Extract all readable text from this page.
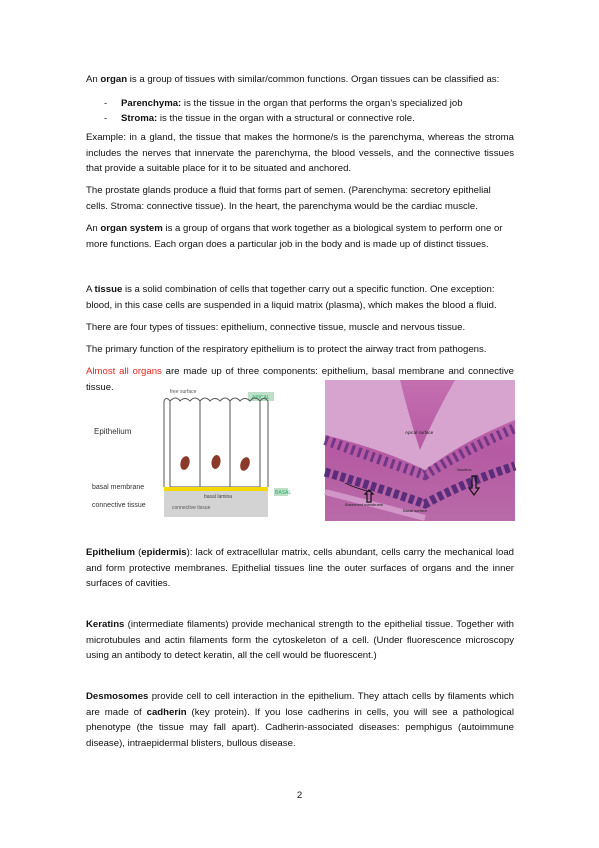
An organ is a group of tissues with similar/common functions. Organ tissues can be classified as:

- Parenchyma: is the tissue in the organ that performs the organ's specialized job
- Stroma: is the tissue in the organ with a structural or connective role.

Example: in a gland, the tissue that makes the hormone/s is the parenchyma, whereas the stroma includes the nerves that innervate the parenchyma, the blood vessels, and the connective tissues that provide a suitable place for it to be situated and anchored.

The prostate glands produce a fluid that forms part of semen. (Parenchyma: secretory epithelial cells. Stroma: connective tissue). In the heart, the parenchyma would be the cardiac muscle.

An organ system is a group of organs that work together as a biological system to perform one or more functions. Each organ does a particular job in the body and is made up of distinct tissues.

A tissue is a solid combination of cells that together carry out a specific function. One exception: blood, in this case cells are suspended in a liquid matrix (plasma), which makes the blood a fluid.

There are four types of tissues: epithelium, connective tissue, muscle and nervous tissue.

The primary function of the respiratory epithelium is to protect the airway tract from pathogens.

Almost all organs are made up of three components: epithelium, basal membrane and connective tissue.

Epithelium
free surface
APICAL
basal lamina
BASAL
basal membrane
connective tissue	connective tissue
Apical surface
Nucleus
Basement membrane
Basal surface

Epithelium (epidermis): lack of extracellular matrix, cells abundant, cells carry the mechanical load and form protective membranes. Epithelial tissues line the outer surfaces of organs and the inner surfaces of cavities.

Keratins (intermediate filaments) provide mechanical strength to the epithelial tissue. Together with microtubules and actin filaments form the cytoskeleton of a cell. (Under fluorescence microscopy using an antibody to detect keratin, all the cell would be fluorescent.)

Desmosomes provide cell to cell interaction in the epithelium. They attach cells by filaments which are made of cadherin (key protein). If you lose cadherins in cells, you will see a pathological phenotype (the tissue may fall apart). Cadherin-associated diseases: pemphigus (autoimmune disease), intraepidermal blisters, bullous disease.

2
